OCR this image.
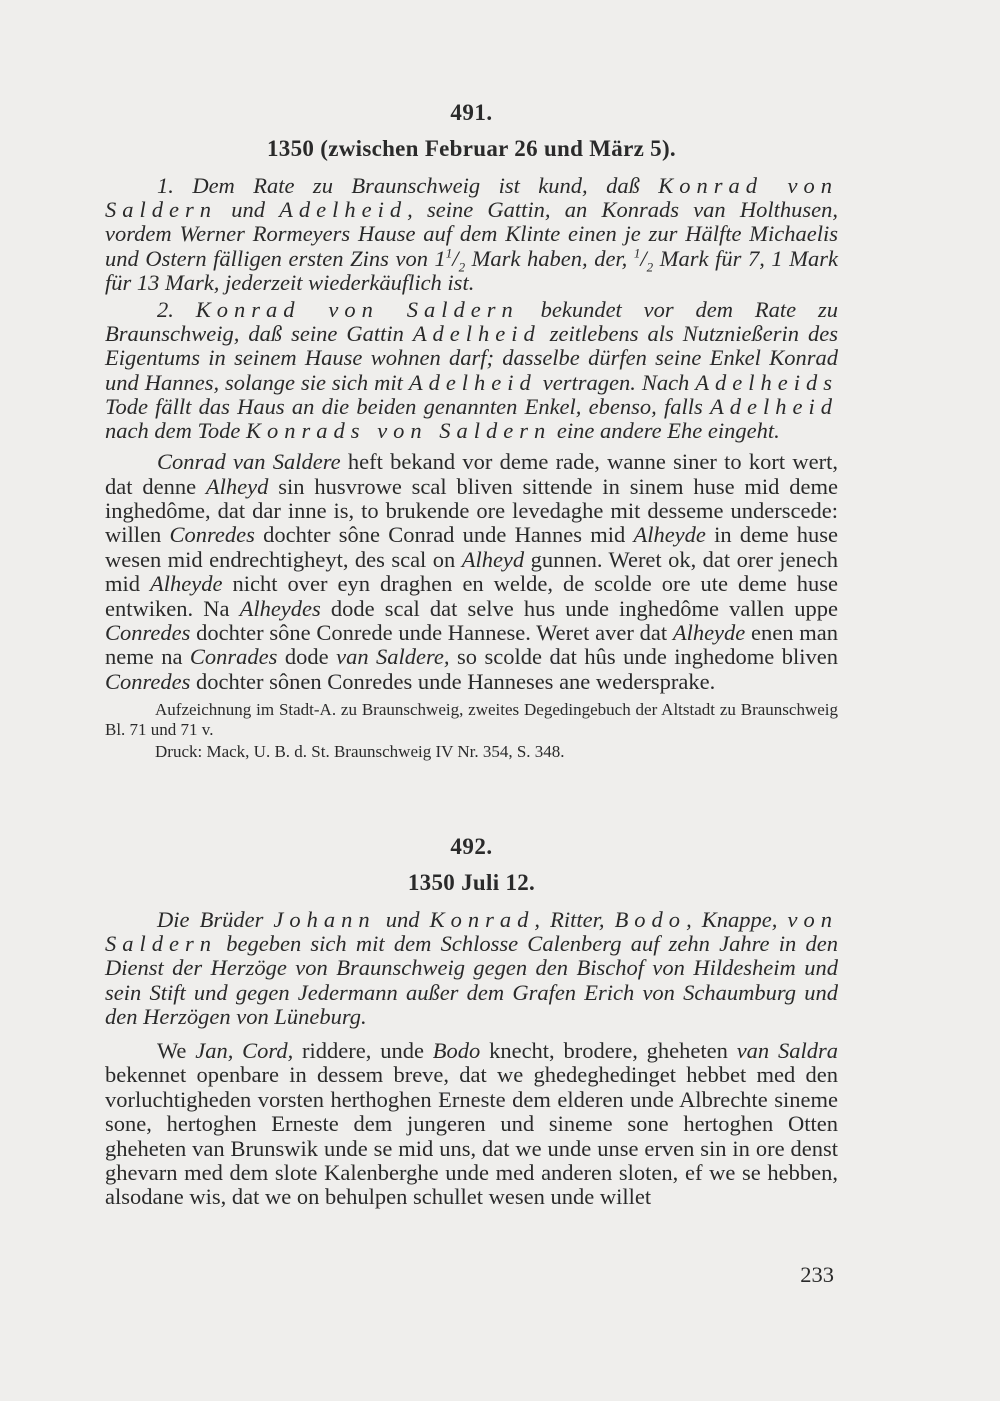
491.
1350 (zwischen Februar 26 und März 5).

1. Dem Rate zu Braunschweig ist kund, daß Konrad von Saldern und Adelheid, seine Gattin, an Konrads van Holthusen, vordem Werner Rormeyers Hause auf dem Klinte einen je zur Hälfte Michaelis und Ostern fälligen ersten Zins von $1^1/_2$ Mark haben, der, $^1/_2$ Mark für 7, 1 Mark für 13 Mark, jederzeit wiederkäuflich ist.

2. Konrad von Saldern bekundet vor dem Rate zu Braunschweig, daß seine Gattin Adelheid zeitlebens als Nutznießerin des Eigentums in seinem Hause wohnen darf; dasselbe dürfen seine Enkel Konrad und Hannes, solange sie sich mit Adelheid vertragen. Nach Adelheids Tode fällt das Haus an die beiden genannten Enkel, ebenso, falls Adelheid nach dem Tode Konrads von Saldern eine andere Ehe eingeht.

Conrad van Saldere heft bekand vor deme rade, wanne siner to kort wert, dat denne Alheyd sin husvrowe scal bliven sittende in sinem huse mid deme inghedôme, dat dar inne is, to brukende ore levedaghe mit desseme underscede: willen Conredes dochter sône Conrad unde Hannes mid Alheyde in deme huse wesen mid endrechtigheyt, des scal on Alheyd gunnen. Weret ok, dat orer jenech mid Alheyde nicht over eyn draghen en welde, de scolde ore ute deme huse entwiken. Na Alheydes dode scal dat selve hus unde inghedôme vallen uppe Conredes dochter sône Conrede unde Hannese. Weret aver dat Alheyde enen man neme na Conrades dode van Saldere, so scolde dat hûs unde inghedome bliven Conredes dochter sônen Conredes unde Hanneses ane wedersprake.

Aufzeichnung im Stadt-A. zu Braunschweig, zweites Degedingebuch der Altstadt zu Braunschweig Bl. 71 und 71 v.

Druck: Mack, U. B. d. St. Braunschweig IV Nr. 354, S. 348.

492.
1350 Juli 12.

Die Brüder Johann und Konrad, Ritter, Bodo, Knappe, von Saldern begeben sich mit dem Schlosse Calenberg auf zehn Jahre in den Dienst der Herzöge von Braunschweig gegen den Bischof von Hildesheim und sein Stift und gegen Jedermann außer dem Grafen Erich von Schaumburg und den Herzögen von Lüneburg.

We Jan, Cord, riddere, unde Bodo knecht, brodere, gheheten van Saldra bekennet openbare in dessem breve, dat we ghedeghedinget hebbet med den vorluchtigheden vorsten herthoghen Erneste dem elderen unde Albrechte sineme sone, hertoghen Erneste dem jungeren und sineme sone hertoghen Otten gheheten van Brunswik unde se mid uns, dat we unde unse erven sin in ore denst ghevarn med dem slote Kalenberghe unde med anderen sloten, ef we se hebben, alsodane wis, dat we on behulpen schullet wesen unde willet

233
